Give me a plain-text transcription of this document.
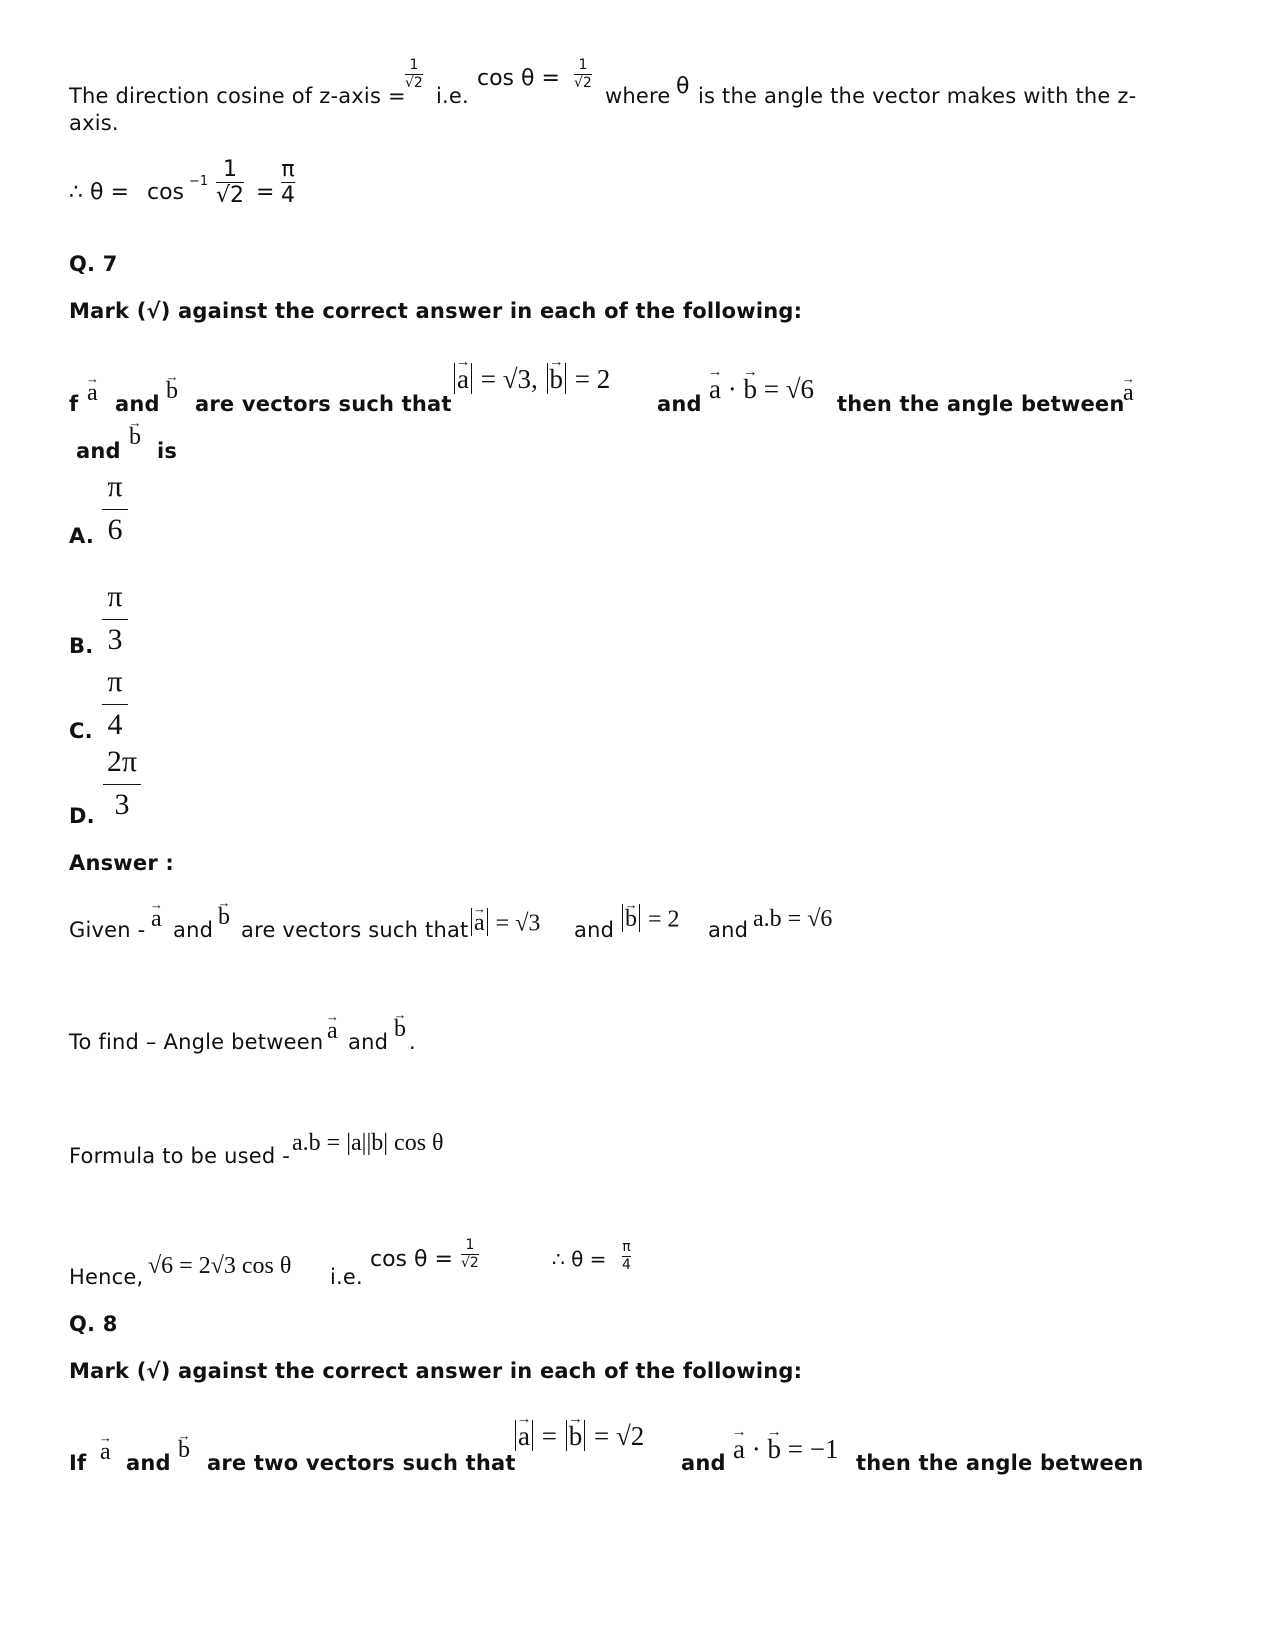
The direction cosine of z-axis =
1
√2
i.e.
cos θ =
1
√2
where θ is the angle the vector makes with the z-
axis.
∴ θ = cos −1 1
√2 =
π
4
Q. 7
Mark (√) against the correct answer in each of the following:
f → a and → b are vectors such that
→ a = √3, → b = 2
and → a · → b = √6 then the angle between
→ a
and
→ b
is
A.
π
6
B.
π
3
C.
π
4
D.
2π
3
Answer :
Given - → a and → b are vectors such that → a = √3 and → b = 2 and a.b = √6
To find – Angle between → a and → b .
Formula to be used - a.b = |a||b| cos θ
Hence, √6 = 2√3 cos θ i.e.
cos θ =
1
√2	∴ θ = π
4
Q. 8
Mark (√) against the correct answer in each of the following:
If → a and → b are two vectors such that
→ a = → b = √2
and → a · → b = −1 then the angle between
